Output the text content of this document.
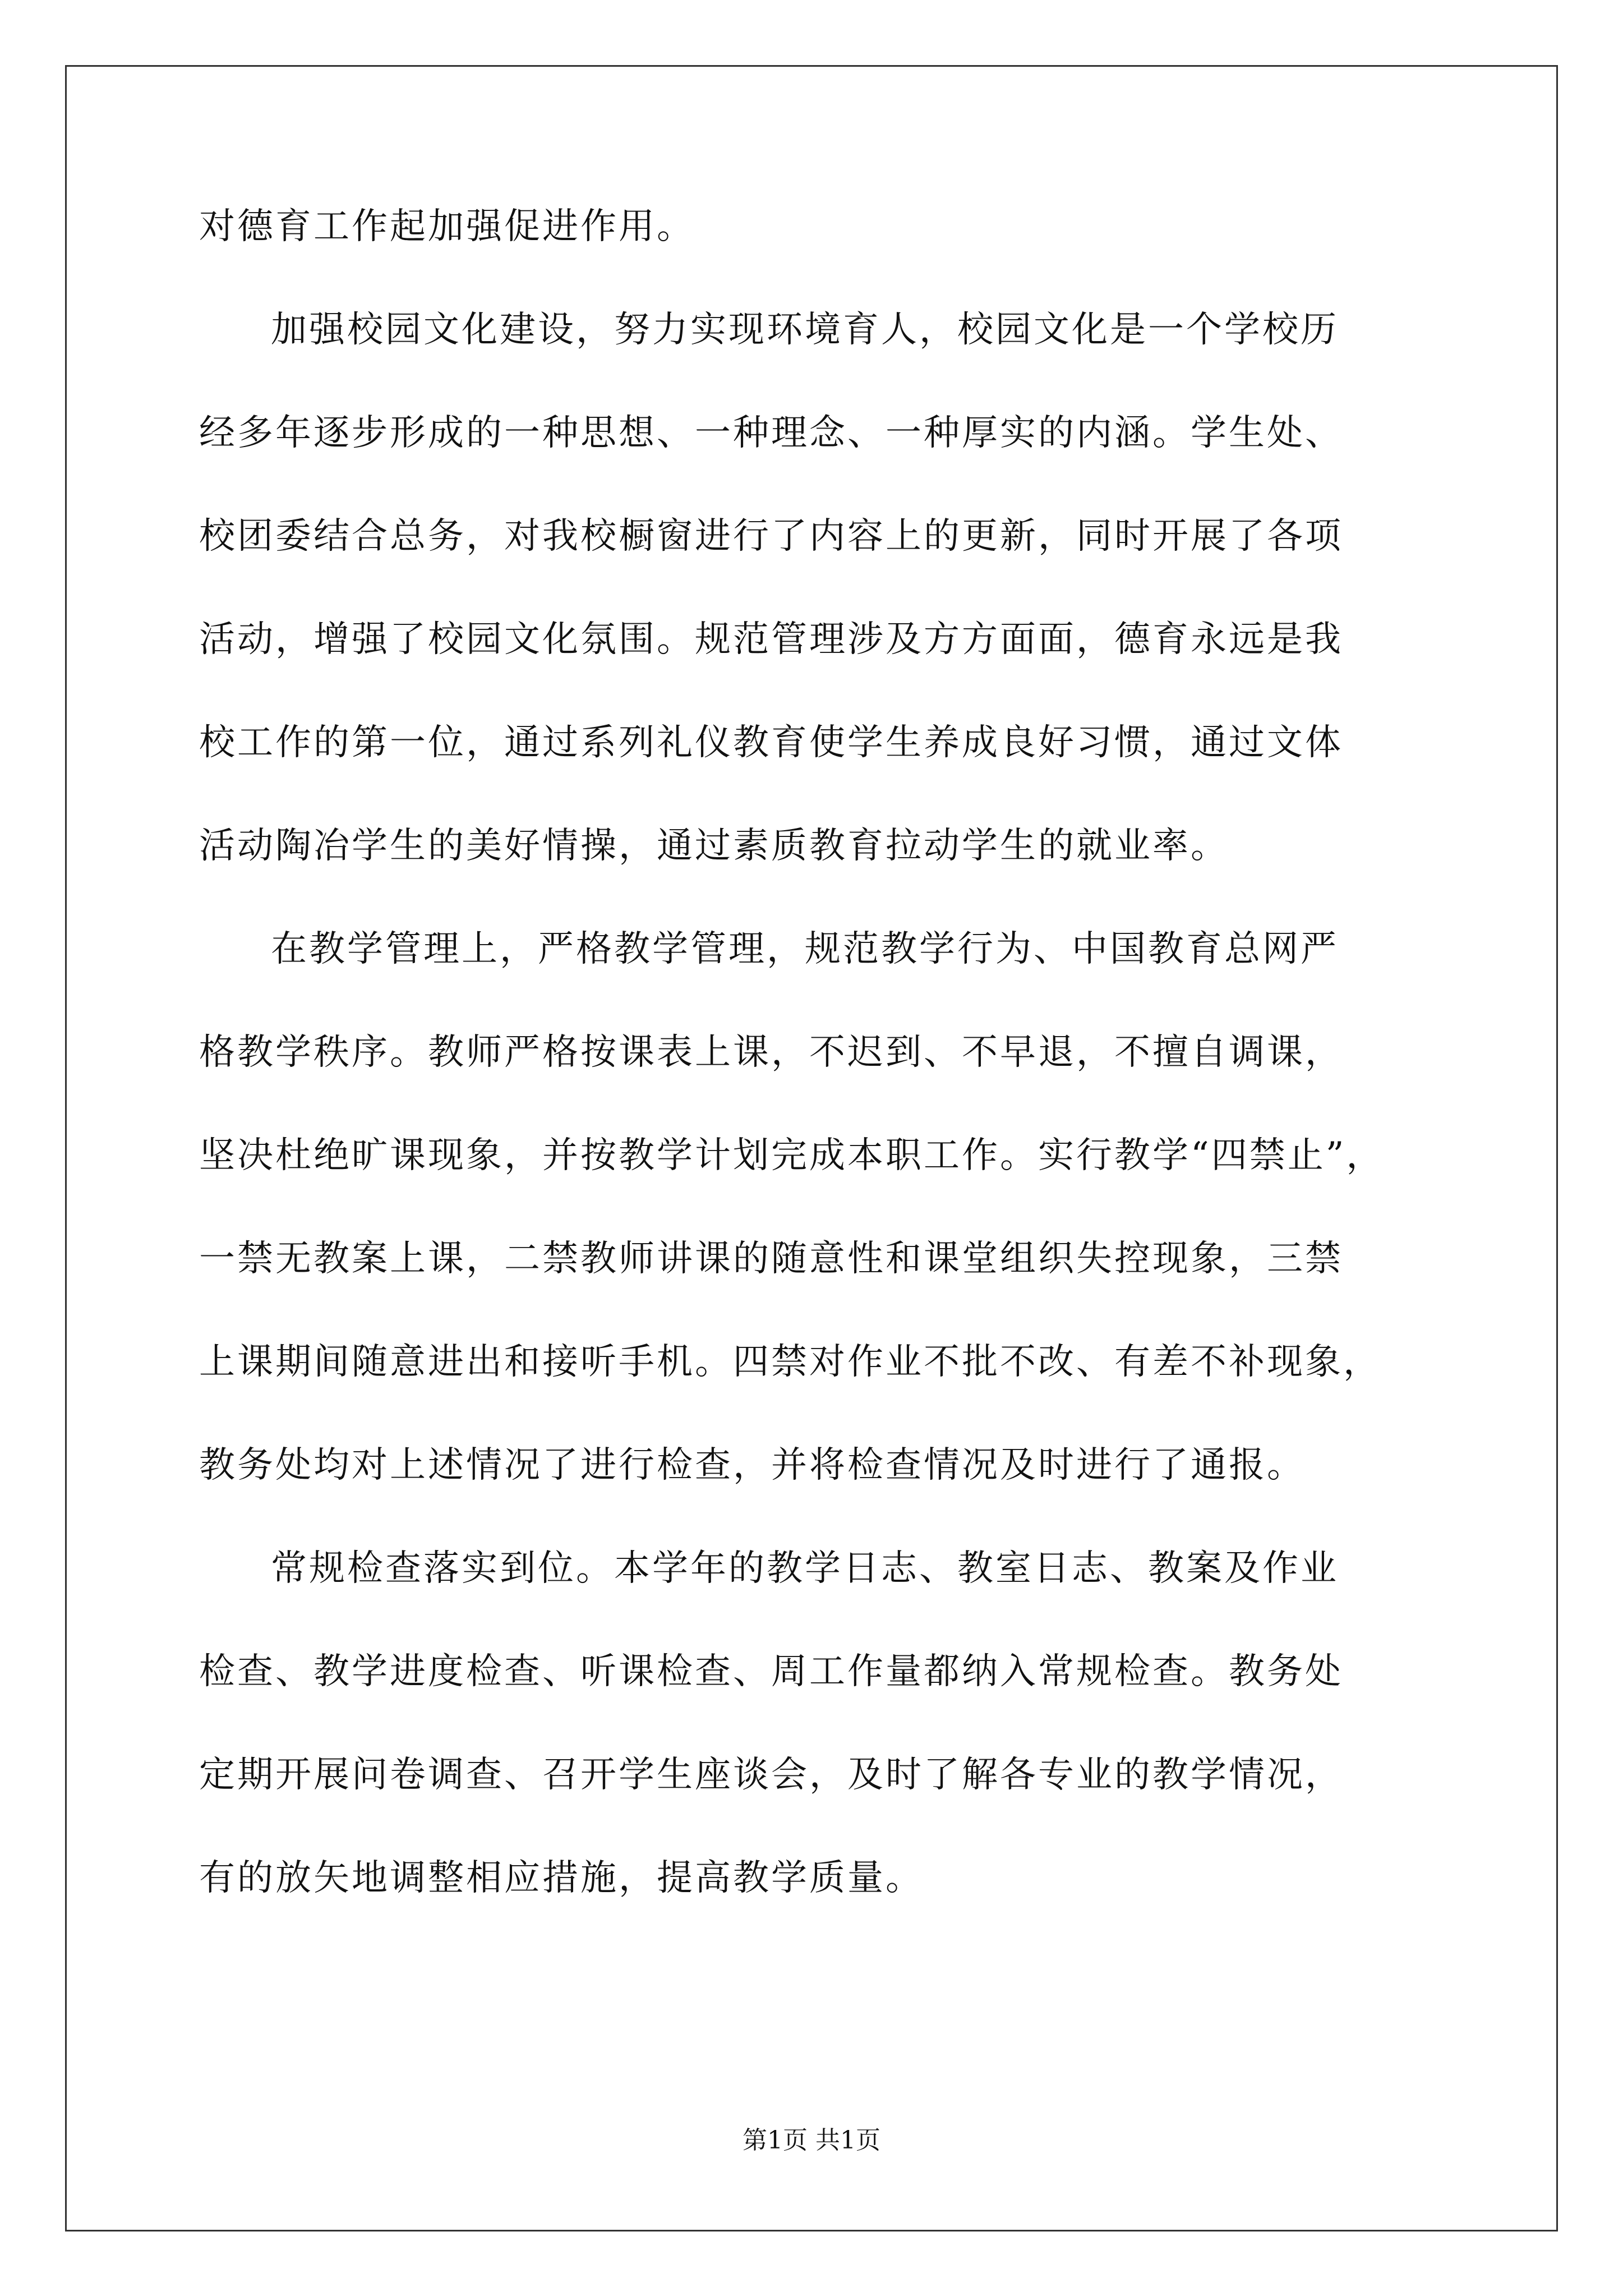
对德育工作起加强促进作用。
加强校园文化建设，努力实现环境育人，校园文化是一个学校历
经多年逐步形成的一种思想、一种理念、一种厚实的内涵。学生处、
校团委结合总务，对我校橱窗进行了内容上的更新，同时开展了各项
活动，增强了校园文化氛围。规范管理涉及方方面面，德育永远是我
校工作的第一位，通过系列礼仪教育使学生养成良好习惯，通过文体
活动陶冶学生的美好情操，通过素质教育拉动学生的就业率。
在教学管理上，严格教学管理，规范教学行为、中国教育总网严
格教学秩序。教师严格按课表上课，不迟到、不早退，不擅自调课，
坚决杜绝旷课现象，并按教学计划完成本职工作。实行教学“四禁止”，
一禁无教案上课，二禁教师讲课的随意性和课堂组织失控现象，三禁
上课期间随意进出和接听手机。四禁对作业不批不改、有差不补现象，
教务处均对上述情况了进行检查，并将检查情况及时进行了通报。
常规检查落实到位。本学年的教学日志、教室日志、教案及作业
检查、教学进度检查、听课检查、周工作量都纳入常规检查。教务处
定期开展问卷调查、召开学生座谈会，及时了解各专业的教学情况，
有的放矢地调整相应措施，提高教学质量。
第1页 共1页
